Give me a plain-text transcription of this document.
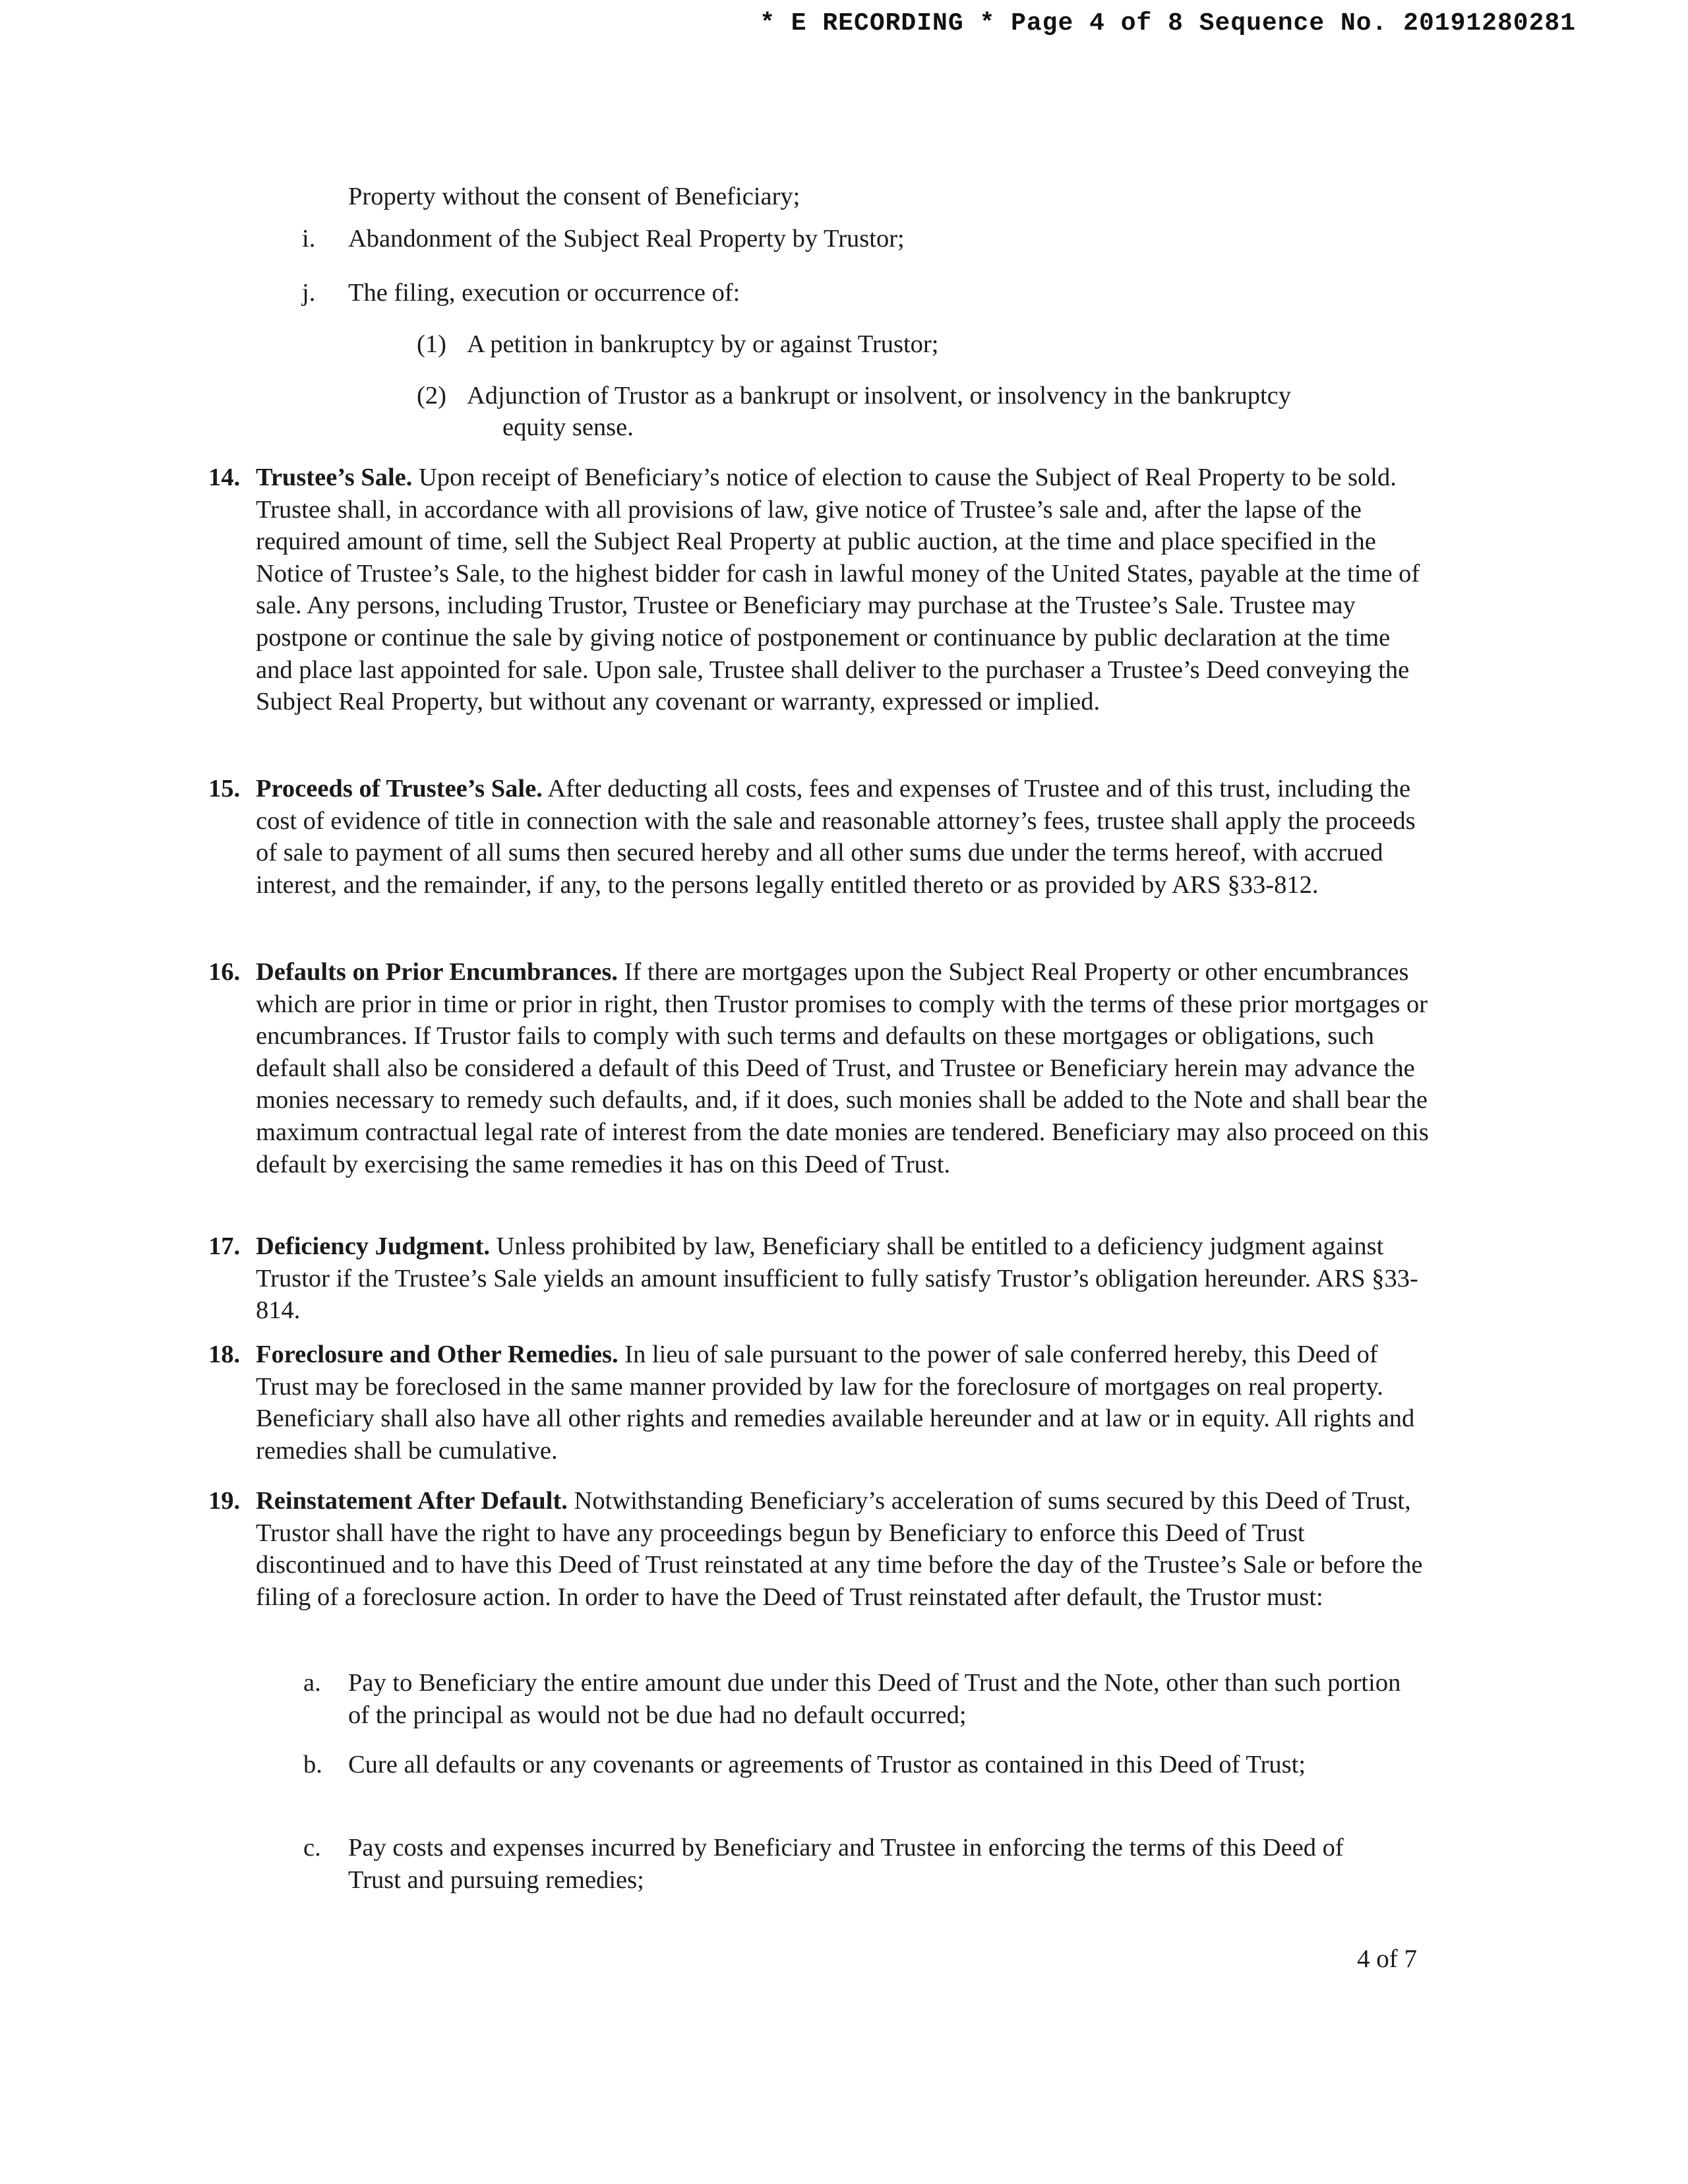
* E RECORDING * Page 4 of 8 Sequence No. 20191280281
Property without the consent of Beneficiary;
i. Abandonment of the Subject Real Property by Trustor;
j. The filing, execution or occurrence of:
(1) A petition in bankruptcy by or against Trustor;
(2) Adjunction of Trustor as a bankrupt or insolvent, or insolvency in the bankruptcy
equity sense.
14. Trustee’s Sale. Upon receipt of Beneficiary’s notice of election to cause the Subject of Real Property to be sold. Trustee shall, in accordance with all provisions of law, give notice of Trustee’s sale and, after the lapse of the required amount of time, sell the Subject Real Property at public auction, at the time and place specified in the Notice of Trustee’s Sale, to the highest bidder for cash in lawful money of the United States, payable at the time of sale. Any persons, including Trustor, Trustee or Beneficiary may purchase at the Trustee’s Sale. Trustee may postpone or continue the sale by giving notice of postponement or continuance by public declaration at the time and place last appointed for sale. Upon sale, Trustee shall deliver to the purchaser a Trustee’s Deed conveying the Subject Real Property, but without any covenant or warranty, expressed or implied.
15. Proceeds of Trustee’s Sale. After deducting all costs, fees and expenses of Trustee and of this trust, including the cost of evidence of title in connection with the sale and reasonable attorney’s fees, trustee shall apply the proceeds of sale to payment of all sums then secured hereby and all other sums due under the terms hereof, with accrued interest, and the remainder, if any, to the persons legally entitled thereto or as provided by ARS §33-812.
16. Defaults on Prior Encumbrances. If there are mortgages upon the Subject Real Property or other encumbrances which are prior in time or prior in right, then Trustor promises to comply with the terms of these prior mortgages or encumbrances. If Trustor fails to comply with such terms and defaults on these mortgages or obligations, such default shall also be considered a default of this Deed of Trust, and Trustee or Beneficiary herein may advance the monies necessary to remedy such defaults, and, if it does, such monies shall be added to the Note and shall bear the maximum contractual legal rate of interest from the date monies are tendered. Beneficiary may also proceed on this default by exercising the same remedies it has on this Deed of Trust.
17. Deficiency Judgment. Unless prohibited by law, Beneficiary shall be entitled to a deficiency judgment against Trustor if the Trustee’s Sale yields an amount insufficient to fully satisfy Trustor’s obligation hereunder. ARS §33-814.
18. Foreclosure and Other Remedies. In lieu of sale pursuant to the power of sale conferred hereby, this Deed of Trust may be foreclosed in the same manner provided by law for the foreclosure of mortgages on real property. Beneficiary shall also have all other rights and remedies available hereunder and at law or in equity. All rights and remedies shall be cumulative.
19. Reinstatement After Default. Notwithstanding Beneficiary’s acceleration of sums secured by this Deed of Trust, Trustor shall have the right to have any proceedings begun by Beneficiary to enforce this Deed of Trust discontinued and to have this Deed of Trust reinstated at any time before the day of the Trustee’s Sale or before the filing of a foreclosure action. In order to have the Deed of Trust reinstated after default, the Trustor must:
a. Pay to Beneficiary the entire amount due under this Deed of Trust and the Note, other than such portion of the principal as would not be due had no default occurred;
b. Cure all defaults or any covenants or agreements of Trustor as contained in this Deed of Trust;
c. Pay costs and expenses incurred by Beneficiary and Trustee in enforcing the terms of this Deed of Trust and pursuing remedies;
4 of 7
